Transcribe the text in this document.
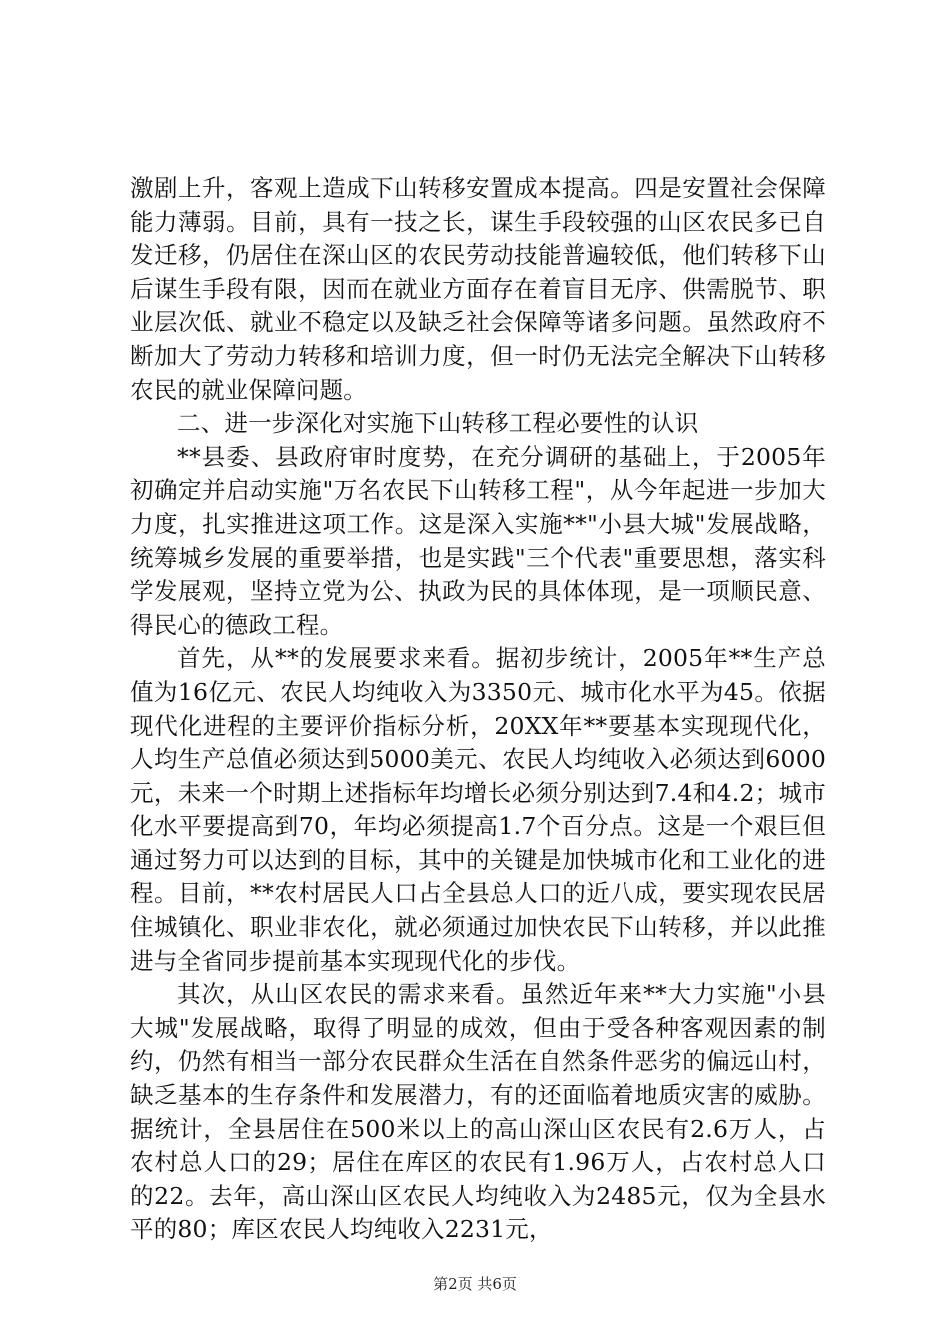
激剧上升，客观上造成下山转移安置成本提高。四是安置社会保障能力薄弱。目前，具有一技之长，谋生手段较强的山区农民多已自发迁移，仍居住在深山区的农民劳动技能普遍较低，他们转移下山后谋生手段有限，因而在就业方面存在着盲目无序、供需脱节、职业层次低、就业不稳定以及缺乏社会保障等诸多问题。虽然政府不断加大了劳动力转移和培训力度，但一时仍无法完全解决下山转移农民的就业保障问题。

二、进一步深化对实施下山转移工程必要性的认识

**县委、县政府审时度势，在充分调研的基础上，于2005年初确定并启动实施"万名农民下山转移工程"，从今年起进一步加大力度，扎实推进这项工作。这是深入实施**"小县大城"发展战略，统筹城乡发展的重要举措，也是实践"三个代表"重要思想，落实科学发展观，坚持立党为公、执政为民的具体体现，是一项顺民意、得民心的德政工程。

首先，从**的发展要求来看。据初步统计，2005年**生产总值为16亿元、农民人均纯收入为3350元、城市化水平为45。依据现代化进程的主要评价指标分析，20XX年**要基本实现现代化，人均生产总值必须达到5000美元、农民人均纯收入必须达到6000元，未来一个时期上述指标年均增长必须分别达到7.4和4.2；城市化水平要提高到70，年均必须提高1.7个百分点。这是一个艰巨但通过努力可以达到的目标，其中的关键是加快城市化和工业化的进程。目前，**农村居民人口占全县总人口的近八成，要实现农民居住城镇化、职业非农化，就必须通过加快农民下山转移，并以此推进与全省同步提前基本实现现代化的步伐。

其次，从山区农民的需求来看。虽然近年来**大力实施"小县大城"发展战略，取得了明显的成效，但由于受各种客观因素的制约，仍然有相当一部分农民群众生活在自然条件恶劣的偏远山村，缺乏基本的生存条件和发展潜力，有的还面临着地质灾害的威胁。据统计，全县居住在500米以上的高山深山区农民有2.6万人，占农村总人口的29；居住在库区的农民有1.96万人，占农村总人口的22。去年，高山深山区农民人均纯收入为2485元，仅为全县水平的80；库区农民人均纯收入2231元，

第2页 共6页
